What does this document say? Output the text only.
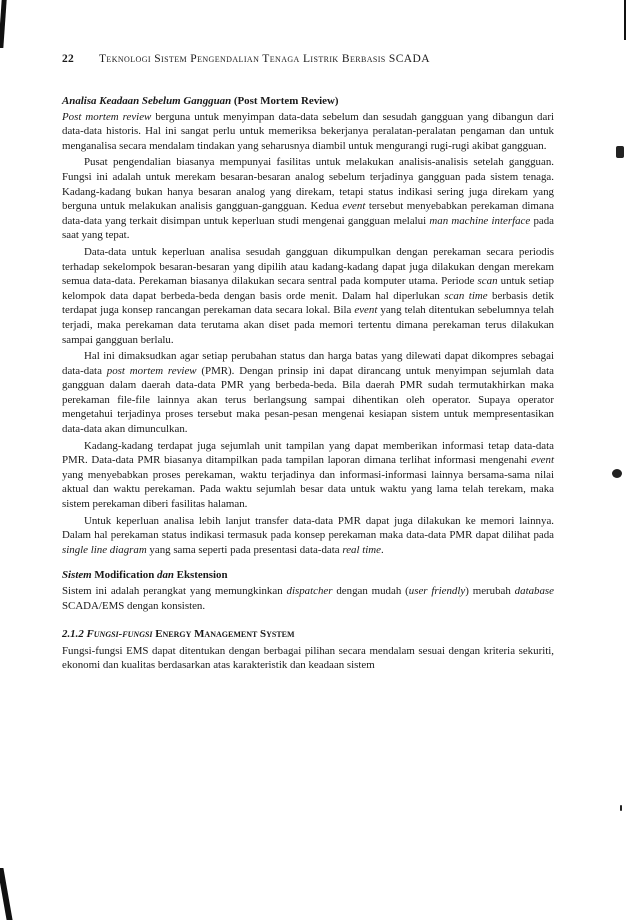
22 Teknologi Sistem Pengendalian Tenaga Listrik Berbasis SCADA
Analisa Keadaan Sebelum Gangguan (Post Mortem Review)

Post mortem review berguna untuk menyimpan data-data sebelum dan sesudah gangguan yang dibangun dari data-data historis. Hal ini sangat perlu untuk memeriksa bekerjanya peralatan-peralatan pengaman dan untuk menganalisa secara mendalam tindakan yang seharusnya diambil untuk mengurangi rugi-rugi akibat gangguan.

Pusat pengendalian biasanya mempunyai fasilitas untuk melakukan analisis-analisis setelah gangguan. Fungsi ini adalah untuk merekam besaran-besaran analog sebelum terjadinya gangguan pada sistem tenaga. Kadang-kadang bukan hanya besaran analog yang direkam, tetapi status indikasi sering juga direkam yang berguna untuk melakukan analisis gangguan-gangguan. Kedua event tersebut menyebabkan perekaman dimana data-data yang terkait disimpan untuk keperluan studi mengenai gangguan melalui man machine interface pada saat yang tepat.

Data-data untuk keperluan analisa sesudah gangguan dikumpulkan dengan perekaman secara periodis terhadap sekelompok besaran-besaran yang dipilih atau kadang-kadang dapat juga dilakukan dengan merekam semua data-data. Perekaman biasanya dilakukan secara sentral pada komputer utama. Periode scan untuk setiap kelompok data dapat berbeda-beda dengan basis orde menit. Dalam hal diperlukan scan time berbasis detik terdapat juga konsep rancangan perekaman data secara lokal. Bila event yang telah ditentukan sebelumnya telah terjadi, maka perekaman data terutama akan diset pada memori tertentu dimana perekaman terus dilakukan sampai gangguan berlalu.

Hal ini dimaksudkan agar setiap perubahan status dan harga batas yang dilewati dapat dikompres sebagai data-data post mortem review (PMR). Dengan prinsip ini dapat dirancang untuk menyimpan sejumlah data gangguan dalam daerah data-data PMR yang berbeda-beda. Bila daerah PMR sudah termutakhirkan maka perekaman file-file lainnya akan terus berlangsung sampai dihentikan oleh operator. Supaya operator mengetahui terjadinya proses tersebut maka pesan-pesan mengenai kesiapan sistem untuk mempresentasikan data-data akan dimunculkan.

Kadang-kadang terdapat juga sejumlah unit tampilan yang dapat memberikan informasi tetap data-data PMR. Data-data PMR biasanya ditampilkan pada tampilan laporan dimana terlihat informasi mengenahi event yang menyebabkan proses perekaman, waktu terjadinya dan informasi-informasi lainnya bersama-sama nilai aktual dan waktu perekaman. Pada waktu sejumlah besar data untuk waktu yang lama telah terekam, maka sistem perekaman diberi fasilitas halaman.

Untuk keperluan analisa lebih lanjut transfer data-data PMR dapat juga dilakukan ke memori lainnya. Dalam hal perekaman status indikasi termasuk pada konsep perekaman maka data-data PMR dapat dilihat pada single line diagram yang sama seperti pada presentasi data-data real time.

Sistem Modification dan Ekstension

Sistem ini adalah perangkat yang memungkinkan dispatcher dengan mudah (user friendly) merubah database SCADA/EMS dengan konsisten.

2.1.2 Fungsi-fungsi Energy Management System

Fungsi-fungsi EMS dapat ditentukan dengan berbagai pilihan secara mendalam sesuai dengan kriteria sekuriti, ekonomi dan kualitas berdasarkan atas karakteristik dan keadaan sistem
